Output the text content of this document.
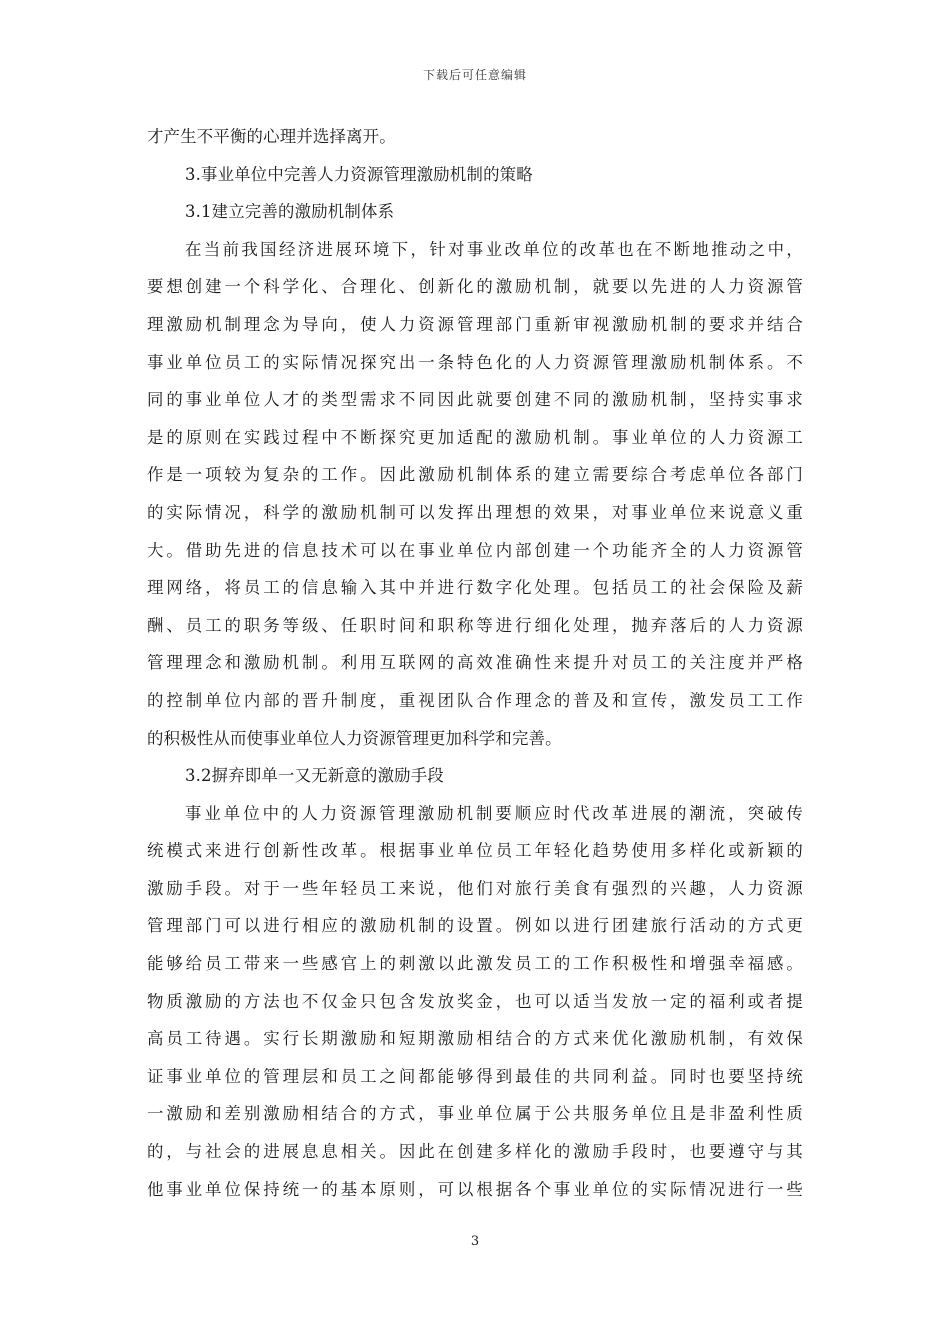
下载后可任意编辑
才产生不平衡的心理并选择离开。
3.事业单位中完善人力资源管理激励机制的策略
3.1建立完善的激励机制体系
在当前我国经济进展环境下，针对事业改单位的改革也在不断地推动之中，
要想创建一个科学化、合理化、创新化的激励机制，就要以先进的人力资源管
理激励机制理念为导向，使人力资源管理部门重新审视激励机制的要求并结合
事业单位员工的实际情况探究出一条特色化的人力资源管理激励机制体系。不
同的事业单位人才的类型需求不同因此就要创建不同的激励机制，坚持实事求
是的原则在实践过程中不断探究更加适配的激励机制。事业单位的人力资源工
作是一项较为复杂的工作。因此激励机制体系的建立需要综合考虑单位各部门
的实际情况，科学的激励机制可以发挥出理想的效果，对事业单位来说意义重
大。借助先进的信息技术可以在事业单位内部创建一个功能齐全的人力资源管
理网络，将员工的信息输入其中并进行数字化处理。包括员工的社会保险及薪
酬、员工的职务等级、任职时间和职称等进行细化处理，抛弃落后的人力资源
管理理念和激励机制。利用互联网的高效准确性来提升对员工的关注度并严格
的控制单位内部的晋升制度，重视团队合作理念的普及和宣传，激发员工工作
的积极性从而使事业单位人力资源管理更加科学和完善。
3.2摒弃即单一又无新意的激励手段
事业单位中的人力资源管理激励机制要顺应时代改革进展的潮流，突破传
统模式来进行创新性改革。根据事业单位员工年轻化趋势使用多样化或新颖的
激励手段。对于一些年轻员工来说，他们对旅行美食有强烈的兴趣，人力资源
管理部门可以进行相应的激励机制的设置。例如以进行团建旅行活动的方式更
能够给员工带来一些感官上的刺激以此激发员工的工作积极性和增强幸福感。
物质激励的方法也不仅金只包含发放奖金，也可以适当发放一定的福利或者提
高员工待遇。实行长期激励和短期激励相结合的方式来优化激励机制，有效保
证事业单位的管理层和员工之间都能够得到最佳的共同利益。同时也要坚持统
一激励和差别激励相结合的方式，事业单位属于公共服务单位且是非盈利性质
的，与社会的进展息息相关。因此在创建多样化的激励手段时，也要遵守与其
他事业单位保持统一的基本原则，可以根据各个事业单位的实际情况进行一些
3
